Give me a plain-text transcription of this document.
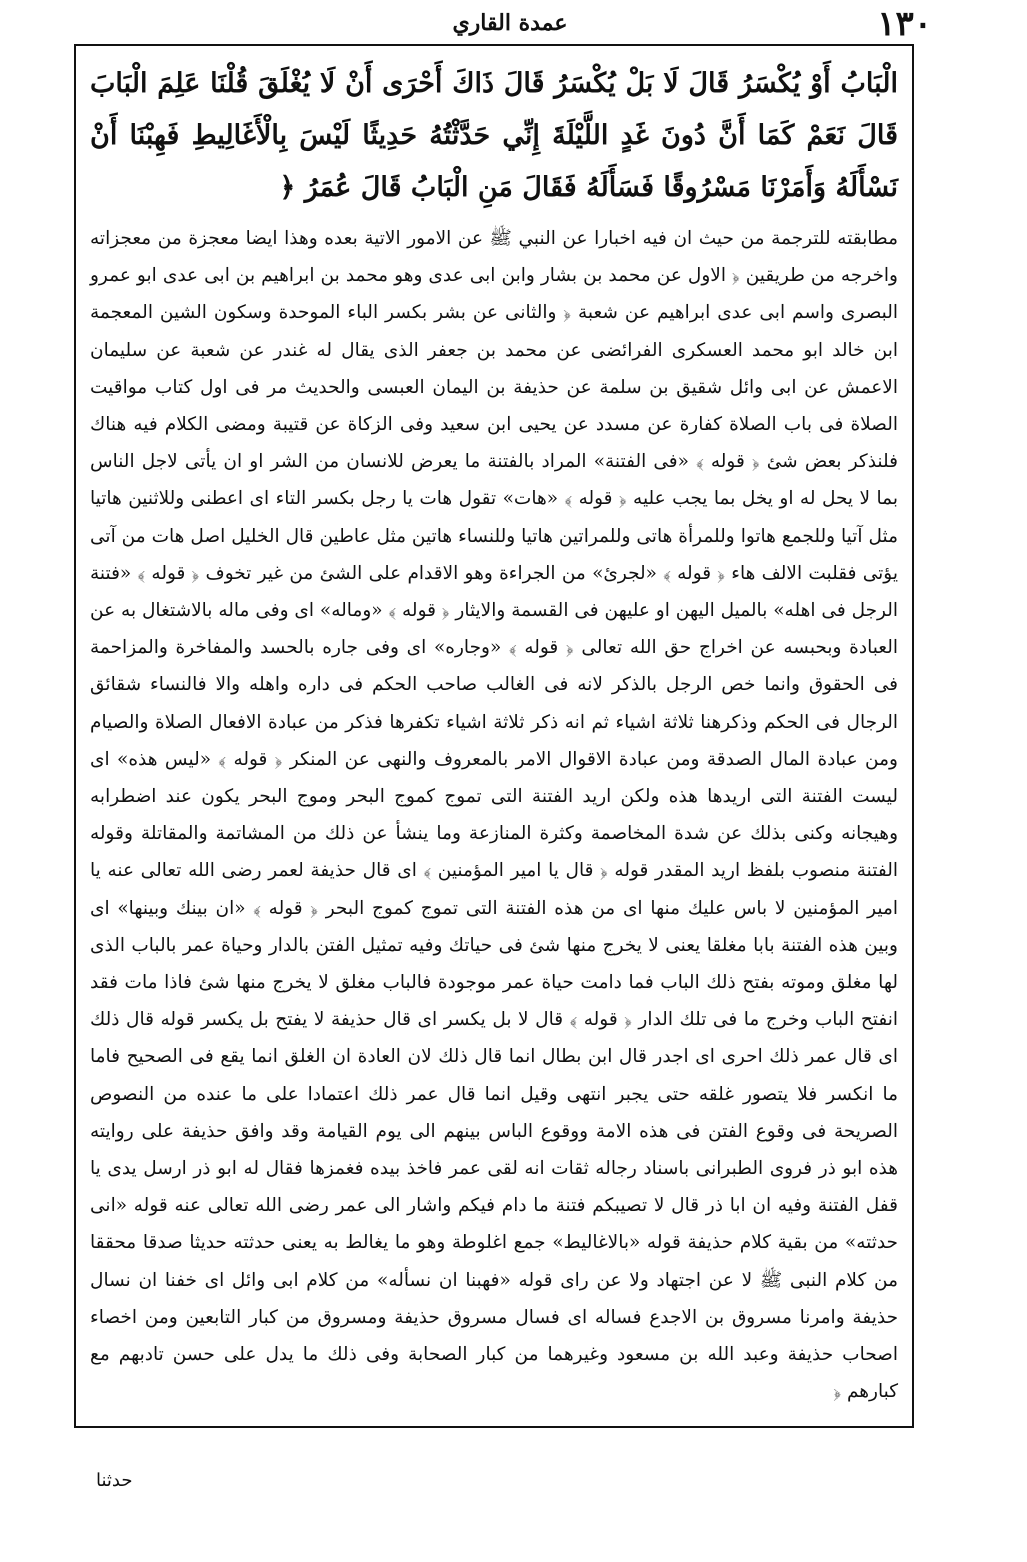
١٣٠
عمدة القاري

الْبَابُ أَوْ يُكْسَرُ قَالَ لَا بَلْ يُكْسَرُ قَالَ ذَاكَ أَحْرَى أَنْ لَا يُغْلَقَ قُلْنَا عَلِمَ الْبَابَ قَالَ نَعَمْ كَمَا أَنَّ دُونَ غَدٍ اللَّيْلَةَ إِنِّي حَدَّثْتُهُ حَدِيثًا لَيْسَ بِالْأَغَالِيطِ فَهِبْنَا أَنْ نَسْأَلَهُ وَأَمَرْنَا مَسْرُوقًا فَسَأَلَهُ فَقَالَ مَنِ الْبَابُ قَالَ عُمَرُ ﴿

مطابقته للترجمة من حيث ان فيه اخبارا عن النبي ﷺ عن الامور الاتية بعده وهذا ايضا معجزة من معجزاته واخرجه من طريقين ﴿ الاول عن محمد بن بشار وابن ابى عدى وهو محمد بن ابراهيم بن ابى عدى ابو عمرو البصرى واسم ابى عدى ابراهيم عن شعبة ﴿ والثانى عن بشر بكسر الباء الموحدة وسكون الشين المعجمة ابن خالد ابو محمد العسكرى الفرائضى عن محمد بن جعفر الذى يقال له غندر عن شعبة عن سليمان الاعمش عن ابى وائل شقيق بن سلمة عن حذيفة بن اليمان العبسى والحديث مر فى اول كتاب مواقيت الصلاة فى باب الصلاة كفارة عن مسدد عن يحيى ابن سعيد وفى الزكاة عن قتيبة ومضى الكلام فيه هناك فلنذكر بعض شئ ﴿ قوله ﴾ «فى الفتنة» المراد بالفتنة ما يعرض للانسان من الشر او ان يأتى لاجل الناس بما لا يحل له او يخل بما يجب عليه ﴿ قوله ﴾ «هات» تقول هات يا رجل بكسر التاء اى اعطنى وللاثنين هاتيا مثل آتيا وللجمع هاتوا وللمرأة هاتى وللمراتين هاتيا وللنساء هاتين مثل عاطين قال الخليل اصل هات من آتى يؤتى فقلبت الالف هاء ﴿ قوله ﴾ «لجرئ» من الجراءة وهو الاقدام على الشئ من غير تخوف ﴿ قوله ﴾ «فتنة الرجل فى اهله» بالميل اليهن او عليهن فى القسمة والايثار ﴿ قوله ﴾ «وماله» اى وفى ماله بالاشتغال به عن العبادة وبحبسه عن اخراج حق الله تعالى ﴿ قوله ﴾ «وجاره» اى وفى جاره بالحسد والمفاخرة والمزاحمة فى الحقوق وانما خص الرجل بالذكر لانه فى الغالب صاحب الحكم فى داره واهله والا فالنساء شقائق الرجال فى الحكم وذكرهنا ثلاثة اشياء ثم انه ذكر ثلاثة اشياء تكفرها فذكر من عبادة الافعال الصلاة والصيام ومن عبادة المال الصدقة ومن عبادة الاقوال الامر بالمعروف والنهى عن المنكر ﴿ قوله ﴾ «ليس هذه» اى ليست الفتنة التى اريدها هذه ولكن اريد الفتنة التى تموج كموج البحر وموج البحر يكون عند اضطرابه وهيجانه وكنى بذلك عن شدة المخاصمة وكثرة المنازعة وما ينشأ عن ذلك من المشاتمة والمقاتلة وقوله الفتنة منصوب بلفظ اريد المقدر قوله ﴿ قال يا امير المؤمنين ﴾ اى قال حذيفة لعمر رضى الله تعالى عنه يا امير المؤمنين لا باس عليك منها اى من هذه الفتنة التى تموج كموج البحر ﴿ قوله ﴾ «ان بينك وبينها» اى وبين هذه الفتنة بابا مغلقا يعنى لا يخرج منها شئ فى حياتك وفيه تمثيل الفتن بالدار وحياة عمر بالباب الذى لها مغلق وموته بفتح ذلك الباب فما دامت حياة عمر موجودة فالباب مغلق لا يخرج منها شئ فاذا مات فقد انفتح الباب وخرج ما فى تلك الدار ﴿ قوله ﴾ قال لا بل يكسر اى قال حذيفة لا يفتح بل يكسر قوله قال ذلك اى قال عمر ذلك احرى اى اجدر قال ابن بطال انما قال ذلك لان العادة ان الغلق انما يقع فى الصحيح فاما ما انكسر فلا يتصور غلقه حتى يجبر انتهى وقيل انما قال عمر ذلك اعتمادا على ما عنده من النصوص الصريحة فى وقوع الفتن فى هذه الامة ووقوع الباس بينهم الى يوم القيامة وقد وافق حذيفة على روايته هذه ابو ذر فروى الطبرانى باسناد رجاله ثقات انه لقى عمر فاخذ بيده فغمزها فقال له ابو ذر ارسل يدى يا قفل الفتنة وفيه ان ابا ذر قال لا تصيبكم فتنة ما دام فيكم واشار الى عمر رضى الله تعالى عنه قوله «انى حدثته» من بقية كلام حذيفة قوله «بالاغاليط» جمع اغلوطة وهو ما يغالط به يعنى حدثته حديثا صدقا محققا من كلام النبى ﷺ لا عن اجتهاد ولا عن راى قوله «فهبنا ان نسأله» من كلام ابى وائل اى خفنا ان نسال حذيفة وامرنا مسروق بن الاجدع فساله اى فسال مسروق حذيفة ومسروق من كبار التابعين ومن اخصاء اصحاب حذيفة وعبد الله بن مسعود وغيرهما من كبار الصحابة وفى ذلك ما يدل على حسن تادبهم مع كبارهم ﴿

حدثنا
